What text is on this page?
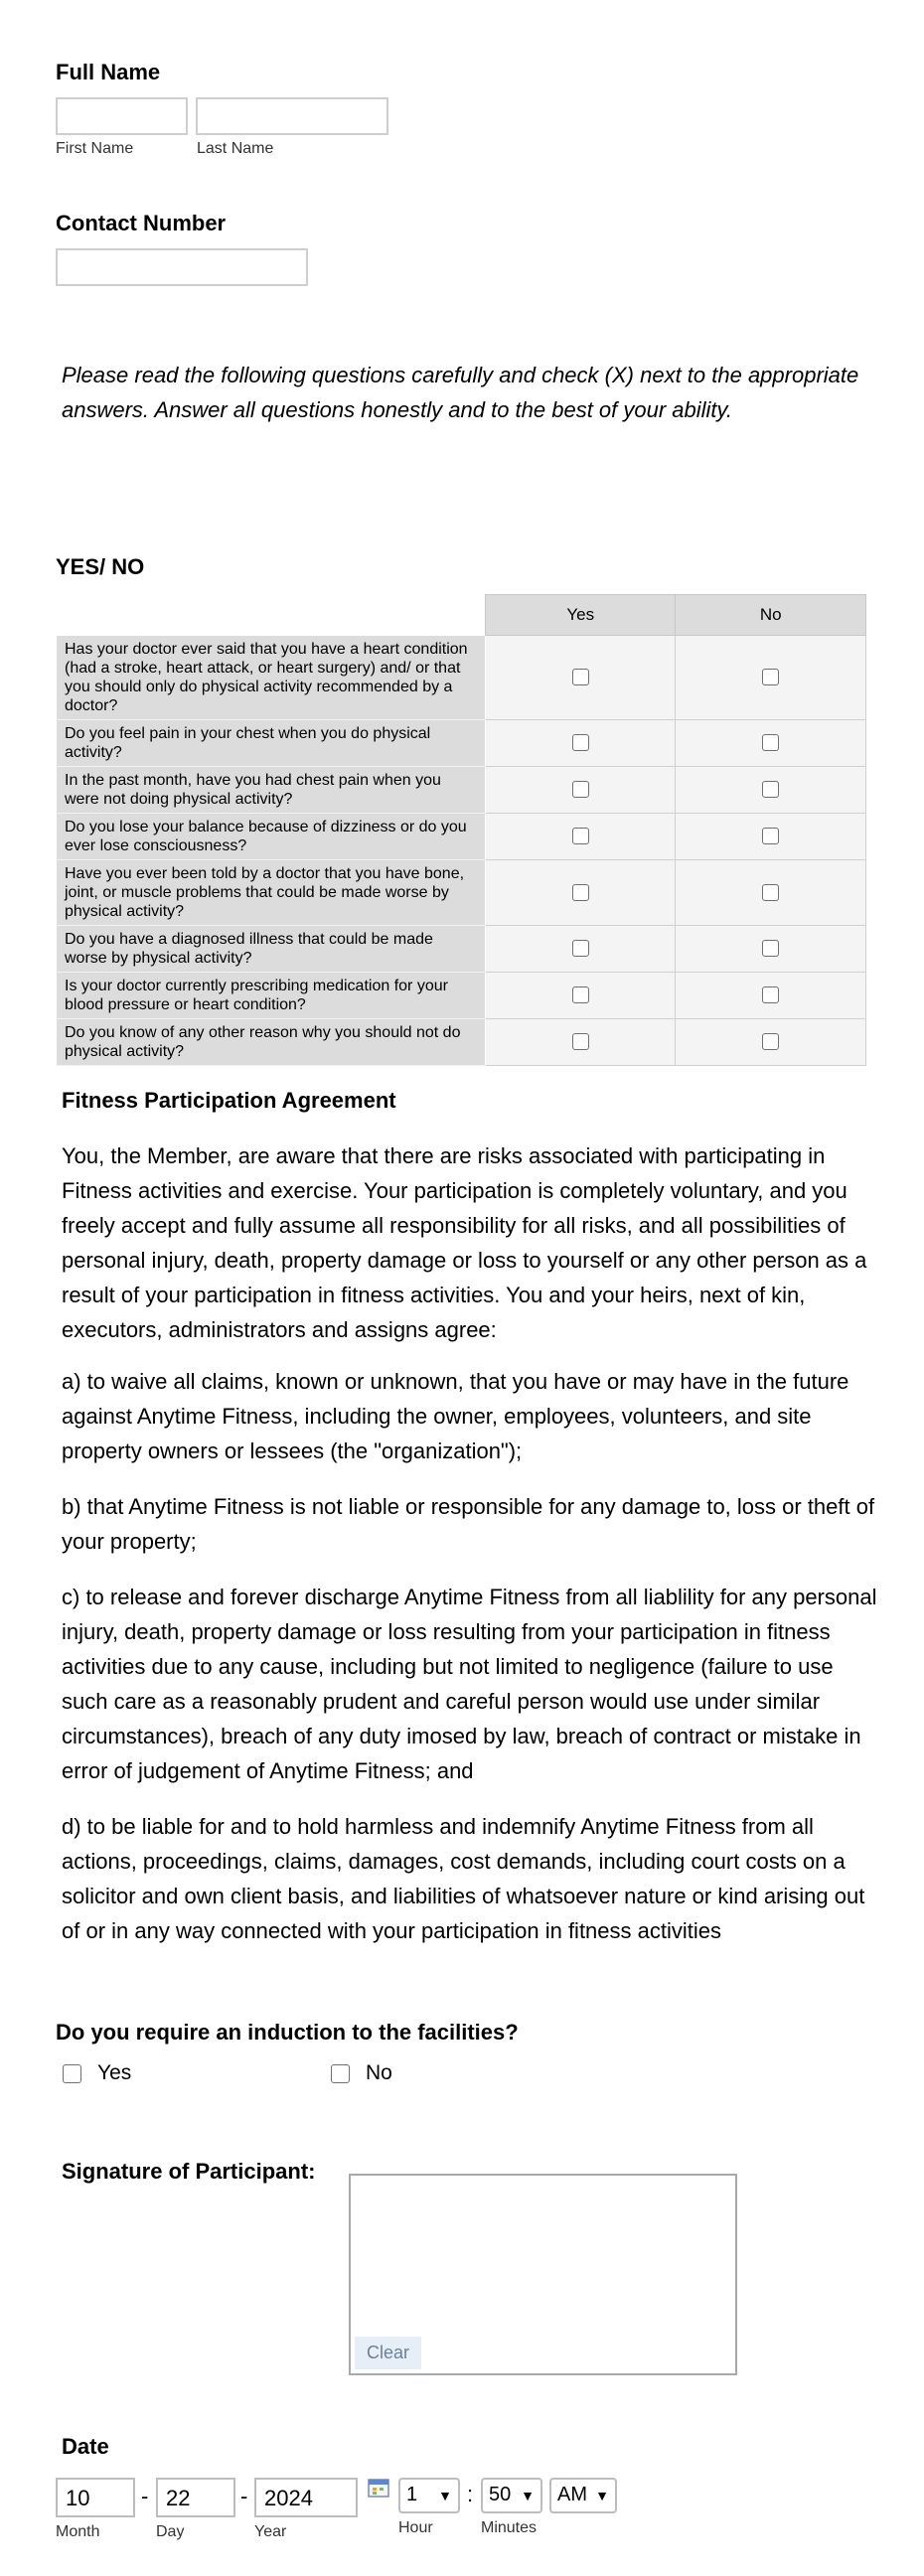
Full Name
First Name	Last Name
Contact Number
Please read the following questions carefully and check (X) next to the appropriate answers. Answer all questions honestly and to the best of your ability.
YES/ NO
	Yes	No
Has your doctor ever said that you have a heart condition (had a stroke, heart attack, or heart surgery) and/ or that you should only do physical activity recommended by a doctor?		
Do you feel pain in your chest when you do physical activity?		
In the past month, have you had chest pain when you were not doing physical activity?		
Do you lose your balance because of dizziness or do you ever lose consciousness?		
Have you ever been told by a doctor that you have bone, joint, or muscle problems that could be made worse by physical activity?		
Do you have a diagnosed illness that could be made worse by physical activity?		
Is your doctor currently prescribing medication for your blood pressure or heart condition?		
Do you know of any other reason why you should not do physical activity?		
Fitness Participation Agreement
You, the Member, are aware that there are risks associated with participating in Fitness activities and exercise. Your participation is completely voluntary, and you freely accept and fully assume all responsibility for all risks, and all possibilities of personal injury, death, property damage or loss to yourself or any other person as a result of your participation in fitness activities. You and your heirs, next of kin, executors, administrators and assigns agree:
a) to waive all claims, known or unknown, that you have or may have in the future against Anytime Fitness, including the owner, employees, volunteers, and site property owners or lessees (the "organization");
b) that Anytime Fitness is not liable or responsible for any damage to, loss or theft of your property;
c) to release and forever discharge Anytime Fitness from all liablility for any personal injury, death, property damage or loss resulting from your participation in fitness activities due to any cause, including but not limited to negligence (failure to use such care as a reasonably prudent and careful person would use under similar circumstances), breach of any duty imosed by law, breach of contract or mistake in error of judgement of Anytime Fitness; and
d) to be liable for and to hold harmless and indemnify Anytime Fitness from all actions, proceedings, claims, damages, cost demands, including court costs on a solicitor and own client basis, and liabilities of whatsoever nature or kind arising out of or in any way connected with your participation in fitness activities
Do you require an induction to the facilities?
Yes	No
Signature of Participant:
Clear
Date
10	- 22	- 2024
Month	Day	Year
1 ▼ : 50 ▼	AM ▼
Hour	Minutes
